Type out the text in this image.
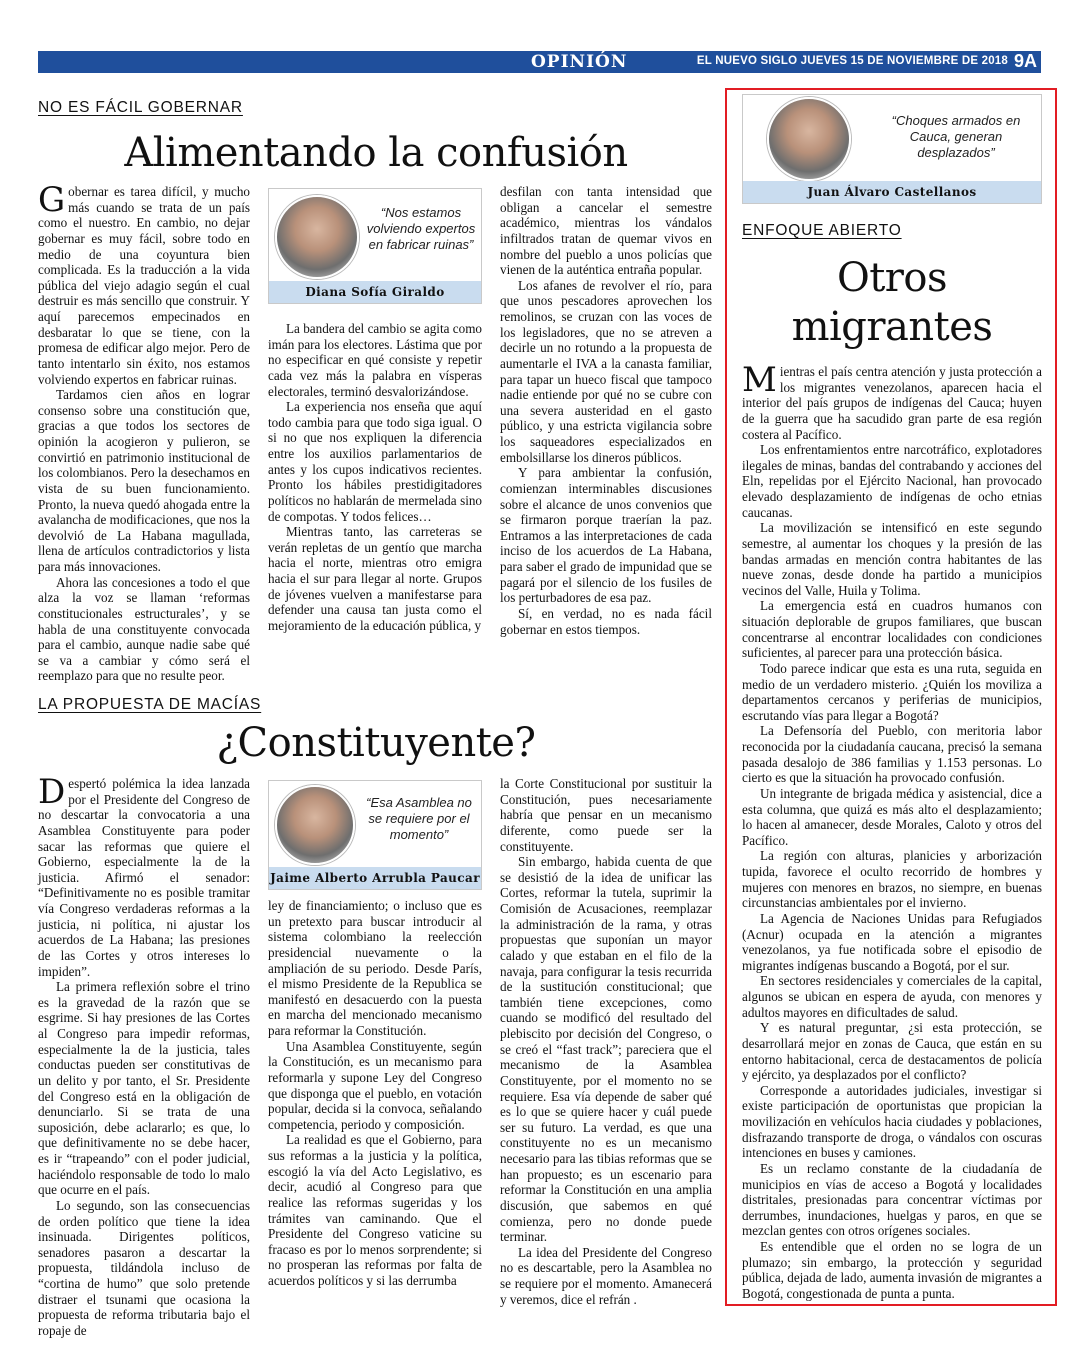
OPINIÓN	EL NUEVO SIGLO JUEVES 15 DE NOVIEMBRE DE 2018 9A
NO ES FÁCIL GOBERNAR
Alimentando la confusión

Gobernar es tarea difícil, y mucho más cuando se trata de un país como el nuestro. En cambio, no dejar gobernar es muy fácil, sobre todo en medio de una coyuntura bien complicada. Es la traducción a la vida pública del viejo adagio según el cual destruir es más sencillo que construir. Y aquí parecemos empecinados en desbaratar lo que se tiene, con la promesa de edificar algo mejor. Pero de tanto intentarlo sin éxito, nos estamos volviendo expertos en fabricar ruinas.

Tardamos cien años en lograr consenso sobre una constitución que, gracias a que todos los sectores de opinión la acogieron y pulieron, se convirtió en patrimonio institucional de los colombianos. Pero la desechamos en vista de su buen funcionamiento. Pronto, la nueva quedó ahogada entre la avalancha de modificaciones, que nos la devolvió de La Habana magullada, llena de artículos contradictorios y lista para más innovaciones.

Ahora las concesiones a todo el que alza la voz se llaman ‘reformas constitucionales estructurales’, y se habla de una constituyente convocada para el cambio, aunque nadie sabe qué se va a cambiar y cómo será el reemplazo para que no resulte peor.

“Nos estamos volviendo expertos en fabricar ruinas”
Diana Sofía Giraldo

La bandera del cambio se agita como imán para los electores. Lástima que por no especificar en qué consiste y repetir cada vez más la palabra en vísperas electorales, terminó desvalorizándose.

La experiencia nos enseña que aquí todo cambia para que todo siga igual. O si no que nos expliquen la diferencia entre los auxilios parlamentarios de antes y los cupos indicativos recientes. Pronto los hábiles prestidigitadores políticos no hablarán de mermelada sino de compotas. Y todos felices…

Mientras tanto, las carreteras se verán repletas de un gentío que marcha hacia el norte, mientras otro emigra hacia el sur para llegar al norte. Grupos de jóvenes vuelven a manifestarse para defender una causa tan justa como el mejoramiento de la educación pública, y

desfilan con tanta intensidad que obligan a cancelar el semestre académico, mientras los vándalos infiltrados tratan de quemar vivos en nombre del pueblo a unos policías que vienen de la auténtica entraña popular.

Los afanes de revolver el río, para que unos pescadores aprovechen los remolinos, se cruzan con las voces de los legisladores, que no se atreven a decirle un no rotundo a la propuesta de aumentarle el IVA a la canasta familiar, para tapar un hueco fiscal que tampoco nadie entiende por qué no se cubre con una severa austeridad en el gasto público, y una estricta vigilancia sobre los saqueadores especializados en embolsillarse los dineros públicos.

Y para ambientar la confusión, comienzan interminables discusiones sobre el alcance de unos convenios que se firmaron porque traerían la paz. Entramos a las interpretaciones de cada inciso de los acuerdos de La Habana, para saber el grado de impunidad que se pagará por el silencio de los fusiles de los perturbadores de esa paz.

Sí, en verdad, no es nada fácil gobernar en estos tiempos.

LA PROPUESTA DE MACÍAS
¿Constituyente?

Despertó polémica la idea lanzada por el Presidente del Congreso de no descartar la convocatoria a una Asamblea Constituyente para poder sacar las reformas que quiere el Gobierno, especialmente la de la justicia. Afirmó el senador: “Definitivamente no es posible tramitar vía Congreso verdaderas reformas a la justicia, ni política, ni ajustar los acuerdos de La Habana; las presiones de las Cortes y otros intereses lo impiden”.

La primera reflexión sobre el trino es la gravedad de la razón que se esgrime. Si hay presiones de las Cortes al Congreso para impedir reformas, especialmente la de la justicia, tales conductas pueden ser constitutivas de un delito y por tanto, el Sr. Presidente del Congreso está en la obligación de denunciarlo. Si se trata de una suposición, debe aclararlo; es que, lo que definitivamente no se debe hacer, es ir “trapeando” con el poder judicial, haciéndolo responsable de todo lo malo que ocurre en el país.

Lo segundo, son las consecuencias de orden político que tiene la idea insinuada. Dirigentes políticos, senadores pasaron a descartar la propuesta, tildándola incluso de “cortina de humo” que solo pretende distraer el tsunami que ocasiona la propuesta de reforma tributaria bajo el ropaje de

“Esa Asamblea no se requiere por el momento”
Jaime Alberto Arrubla Paucar

ley de financiamiento; o incluso que es un pretexto para buscar introducir al sistema colombiano la reelección presidencial nuevamente o la ampliación de su periodo. Desde París, el mismo Presidente de la Republica se manifestó en desacuerdo con la puesta en marcha del mencionado mecanismo para reformar la Constitución.

Una Asamblea Constituyente, según la Constitución, es un mecanismo para reformarla y supone Ley del Congreso que disponga que el pueblo, en votación popular, decida si la convoca, señalando competencia, periodo y composición.

La realidad es que el Gobierno, para sus reformas a la justicia y la política, escogió la vía del Acto Legislativo, es decir, acudió al Congreso para que realice las reformas sugeridas y los trámites van caminando. Que el Presidente del Congreso vaticine su fracaso es por lo menos sorprendente; si no prosperan las reformas por falta de acuerdos políticos y si las derrumba

la Corte Constitucional por sustituir la Constitución, pues necesariamente habría que pensar en un mecanismo diferente, como puede ser la constituyente.

Sin embargo, habida cuenta de que se desistió de la idea de unificar las Cortes, reformar la tutela, suprimir la Comisión de Acusaciones, reemplazar la administración de la rama, y otras propuestas que suponían un mayor calado y que estaban en el filo de la navaja, para configurar la tesis recurrida de la sustitución constitucional; que también tiene excepciones, como cuando se modificó del resultado del plebiscito por decisión del Congreso, o se creó el “fast track”; pareciera que el mecanismo de la Asamblea Constituyente, por el momento no se requiere. Esa vía depende de saber qué es lo que se quiere hacer y cuál puede ser su futuro. La verdad, es que una constituyente no es un mecanismo necesario para las tibias reformas que se han propuesto; es un escenario para reformar la Constitución en una amplia discusión, que sabemos en qué comienza, pero no donde puede terminar.

La idea del Presidente del Congreso no es descartable, pero la Asamblea no se requiere por el momento. Amanecerá y veremos, dice el refrán .

“Choques armados en Cauca, generan desplazados”
Juan Álvaro Castellanos
ENFOQUE ABIERTO
Otros
migrantes

Mientras el país centra atención y justa protección a los migrantes venezolanos, aparecen hacia el interior del país grupos de indígenas del Cauca; huyen de la guerra que ha sacudido gran parte de esa región costera al Pacífico.

Los enfrentamientos entre narcotráfico, explotadores ilegales de minas, bandas del contrabando y acciones del Eln, repelidas por el Ejército Nacional, han provocado elevado desplazamiento de indígenas de ocho etnias caucanas.

La movilización se intensificó en este segundo semestre, al aumentar los choques y la presión de las bandas armadas en mención contra habitantes de las nueve zonas, desde donde ha partido a municipios vecinos del Valle, Huila y Tolima.

La emergencia está en cuadros humanos con situación deplorable de grupos familiares, que buscan concentrarse al encontrar localidades con condiciones suficientes, al parecer para una protección básica.

Todo parece indicar que esta es una ruta, seguida en medio de un verdadero misterio. ¿Quién los moviliza a departamentos cercanos y periferias de municipios, escrutando vías para llegar a Bogotá?

La Defensoría del Pueblo, con meritoria labor reconocida por la ciudadanía caucana, precisó la semana pasada desalojo de 386 familias y 1.153 personas. Lo cierto es que la situación ha provocado confusión.

Un integrante de brigada médica y asistencial, dice a esta columna, que quizá es más alto el desplazamiento; lo hacen al amanecer, desde Morales, Caloto y otros del Pacífico.

La región con alturas, planicies y arborización tupida, favorece el oculto recorrido de hombres y mujeres con menores en brazos, no siempre, en buenas circunstancias ambientales por el invierno.

La Agencia de Naciones Unidas para Refugiados (Acnur) ocupada en la atención a migrantes venezolanos, ya fue notificada sobre el episodio de migrantes indígenas buscando a Bogotá, por el sur.

En sectores residenciales y comerciales de la capital, algunos se ubican en espera de ayuda, con menores y adultos mayores en dificultades de salud.

Y es natural preguntar, ¿si esta protección, se desarrollará mejor en zonas de Cauca, que están en su entorno habitacional, cerca de destacamentos de policía y ejército, ya desplazados por el conflicto?

Corresponde a autoridades judiciales, investigar si existe participación de oportunistas que propician la movilización en vehículos hacia ciudades y poblaciones, disfrazando transporte de droga, o vándalos con oscuras intenciones en buses y camiones.

Es un reclamo constante de la ciudadanía de municipios en vías de acceso a Bogotá y localidades distritales, presionadas para concentrar víctimas por derrumbes, inundaciones, huelgas y paros, en que se mezclan gentes con otros orígenes sociales.

Es entendible que el orden no se logra de un plumazo; sin embargo, la protección y seguridad pública, dejada de lado, aumenta invasión de migrantes a Bogotá, congestionada de punta a punta.
